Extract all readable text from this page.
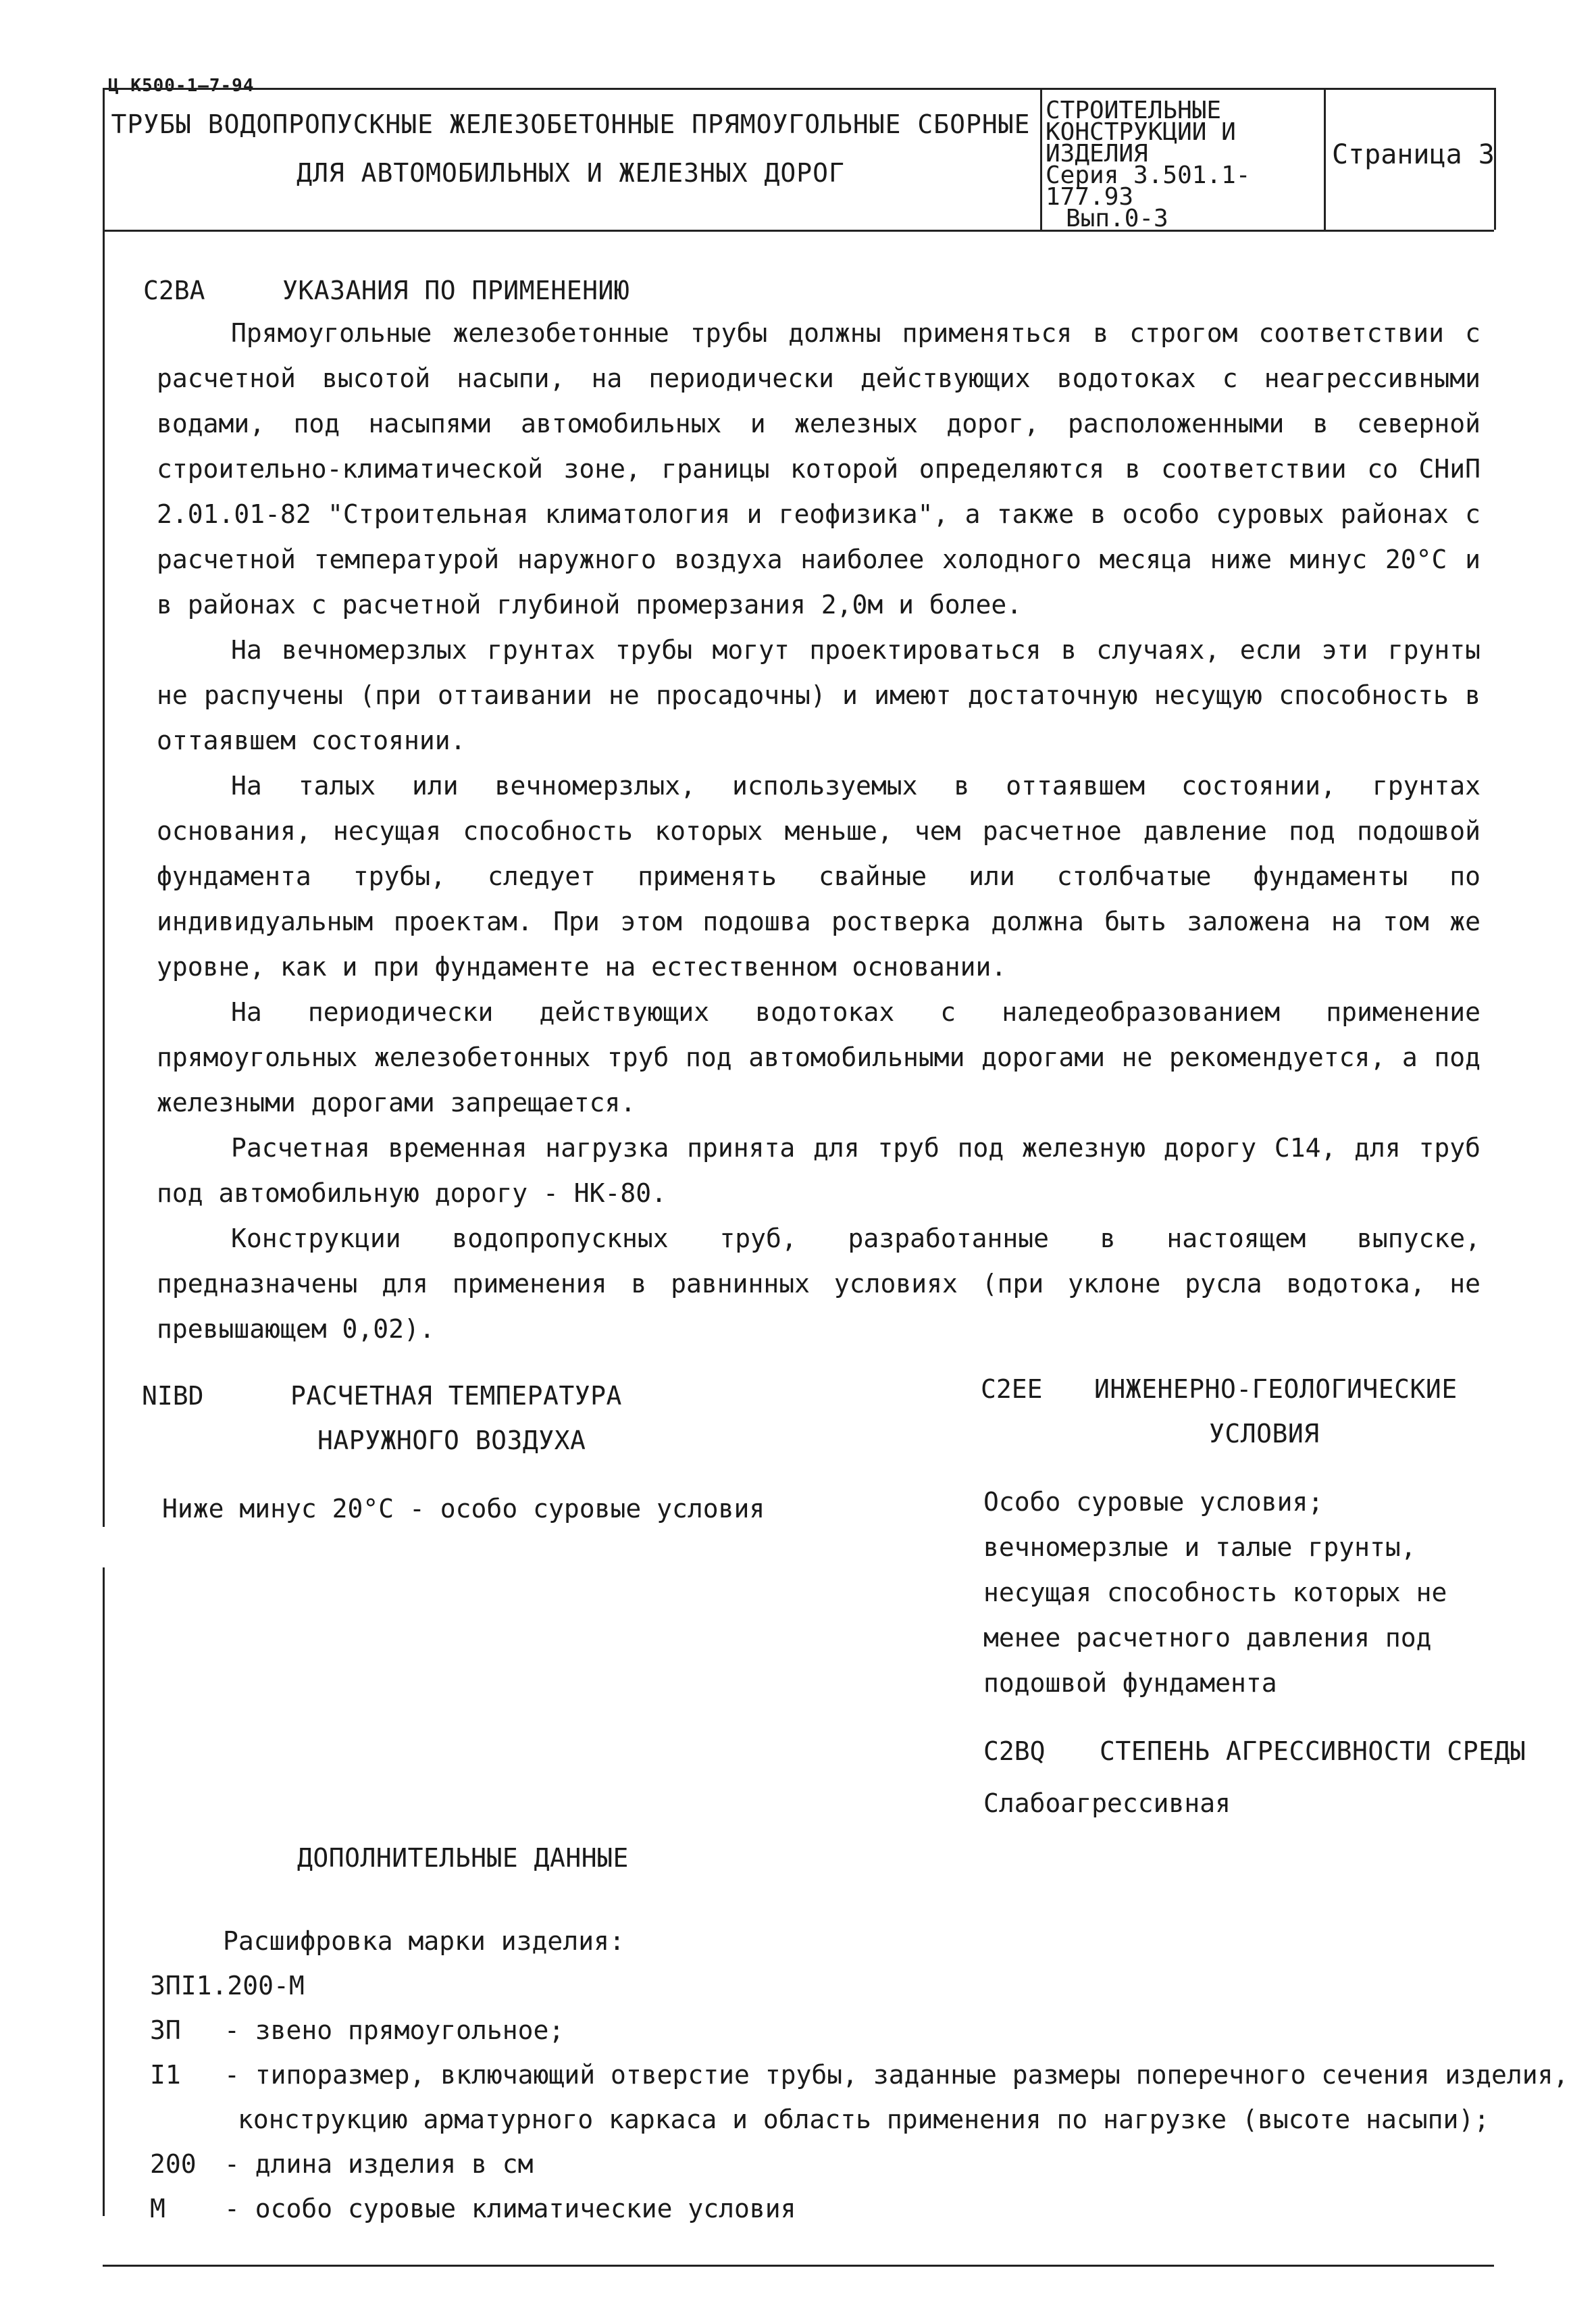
Ц К500-1—7-94
ТРУБЫ ВОДОПРОПУСКНЫЕ ЖЕЛЕЗОБЕТОННЫЕ ПРЯМОУГОЛЬНЫЕ СБОРНЫЕ
ДЛЯ АВТОМОБИЛЬНЫХ И ЖЕЛЕЗНЫХ ДОРОГ
СТРОИТЕЛЬНЫЕ
КОНСТРУКЦИИ И
ИЗДЕЛИЯ
Серия 3.501.1-177.93
Вып.0-3
Страница 3
С2ВА	УКАЗАНИЯ ПО ПРИМЕНЕНИЮ

Прямоугольные железобетонные трубы должны применяться в строгом соответствии с расчетной высотой насыпи, на периодически действующих водотоках с неагрессивными водами, под насыпями автомобильных и железных дорог, расположенными в северной строительно-климатической зоне, границы которой определяются в соответствии со СНиП 2.01.01-82 "Строительная климатология и геофизика", а также в особо суровых районах с расчетной температурой наружного воздуха наиболее холодного месяца ниже минус 20°С и в районах с расчетной глубиной промерзания 2,0м и более.

На вечномерзлых грунтах трубы могут проектироваться в случаях, если эти грунты не распучены (при оттаивании не просадочны) и имеют достаточную несущую способность в оттаявшем состоянии.

На талых или вечномерзлых, используемых в оттаявшем состоянии, грунтах основания, несущая способность которых меньше, чем расчетное давление под подошвой фундамента трубы, следует применять свайные или столбчатые фундаменты по индивидуальным проектам. При этом подошва ростверка должна быть заложена на том же уровне, как и при фундаменте на естественном основании.

На периодически действующих водотоках с наледеобразованием применение прямоугольных железобетонных труб под автомобильными дорогами не рекомендуется, а под железными дорогами запрещается.

Расчетная временная нагрузка принята для труб под железную дорогу С14, для труб под автомобильную дорогу - НК-80.

Конструкции водопропускных труб, разработанные в настоящем выпуске, предназначены для применения в равнинных условиях (при уклоне русла водотока, не превышающем 0,02).

NIBD	РАСЧЕТНАЯ ТЕМПЕРАТУРА
НАРУЖНОГО ВОЗДУХА
Ниже минус 20°С - особо суровые условия
С2ЕЕ ИНЖЕНЕРНО-ГЕОЛОГИЧЕСКИЕ
УСЛОВИЯ
Особо суровые условия;
вечномерзлые и талые грунты,
несущая способность которых не
менее расчетного давления под
подошвой фундамента
С2ВQ СТЕПЕНЬ АГРЕССИВНОСТИ СРЕДЫ
Слабоагрессивная
ДОПОЛНИТЕЛЬНЫЕ ДАННЫЕ
Расшифровка марки изделия:
ЗПI1.200-М
ЗП - звено прямоугольное;
I1 - типоразмер, включающий отверстие трубы, заданные размеры поперечного сечения изделия,
конструкцию арматурного каркаса и область применения по нагрузке (высоте насыпи);
200 - длина изделия в см
М - особо суровые климатические условия
